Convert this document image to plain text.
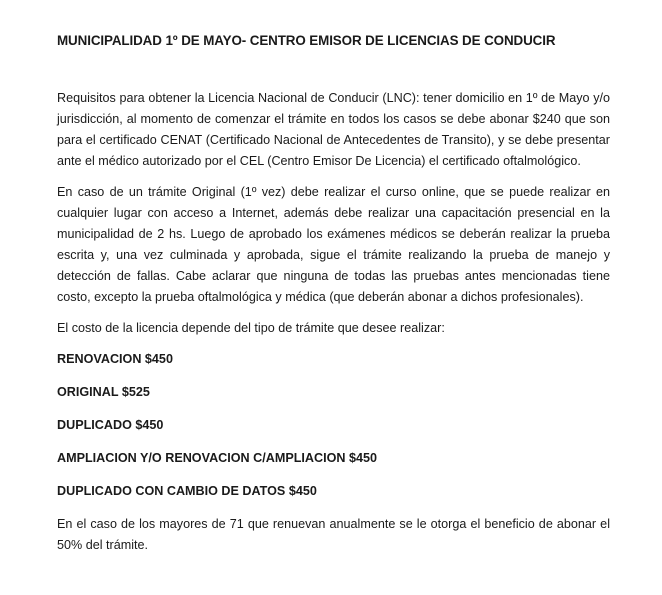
MUNICIPALIDAD 1º DE MAYO- CENTRO EMISOR DE LICENCIAS DE CONDUCIR

Requisitos para obtener la Licencia Nacional de Conducir (LNC): tener domicilio en 1º de Mayo y/o jurisdicción, al momento de comenzar el trámite en todos los casos se debe abonar $240 que son para el certificado CENAT (Certificado Nacional de Antecedentes de Transito), y se debe presentar ante el médico autorizado por el CEL (Centro Emisor De Licencia) el certificado oftalmológico.

En caso de un trámite Original (1º vez) debe realizar el curso online, que se puede realizar en cualquier lugar con acceso a Internet, además debe realizar una capacitación presencial en la municipalidad de 2 hs. Luego de aprobado los exámenes médicos se deberán realizar la prueba escrita y, una vez culminada y aprobada, sigue el trámite realizando la prueba de manejo y detección de fallas. Cabe aclarar que ninguna de todas las pruebas antes mencionadas tiene costo, excepto la prueba oftalmológica y médica (que deberán abonar a dichos profesionales).

El costo de la licencia depende del tipo de trámite que desee realizar:

RENOVACION $450
ORIGINAL $525
DUPLICADO $450
AMPLIACION Y/O RENOVACION C/AMPLIACION $450
DUPLICADO CON CAMBIO DE DATOS $450

En el caso de los mayores de 71 que renuevan anualmente se le otorga el beneficio de abonar el 50% del trámite.
